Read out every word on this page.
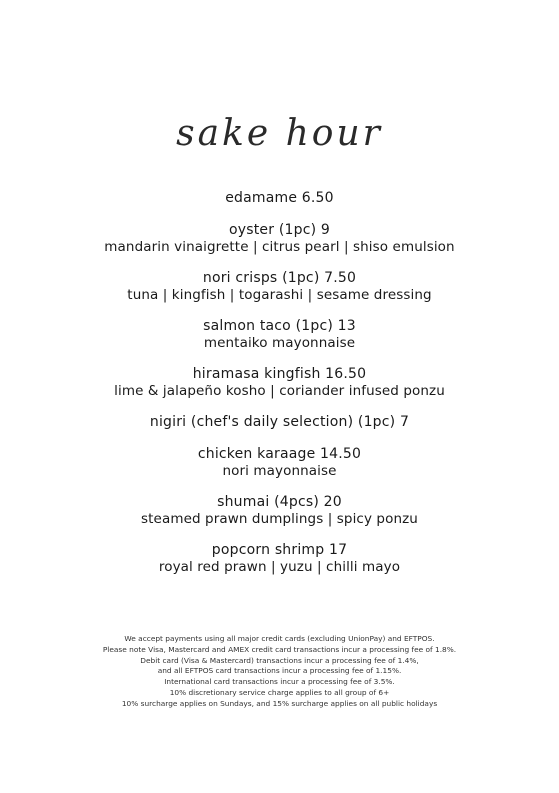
sake hour
edamame 6.50
oyster (1pc) 9
mandarin vinaigrette | citrus pearl | shiso emulsion
nori crisps (1pc) 7.50
tuna | kingfish | togarashi | sesame dressing
salmon taco (1pc) 13
mentaiko mayonnaise
hiramasa kingfish 16.50
lime & jalapeño kosho | coriander infused ponzu
nigiri (chef's daily selection) (1pc) 7
chicken karaage 14.50
nori mayonnaise
shumai (4pcs) 20
steamed prawn dumplings | spicy ponzu
popcorn shrimp 17
royal red prawn | yuzu | chilli mayo
We accept payments using all major credit cards (excluding UnionPay) and EFTPOS.
Please note Visa, Mastercard and AMEX credit card transactions incur a processing fee of 1.8%.
Debit card (Visa & Mastercard) transactions incur a processing fee of 1.4%,
and all EFTPOS card transactions incur a processing fee of 1.15%.
International card transactions incur a processing fee of 3.5%.
10% discretionary service charge applies to all group of 6+
10% surcharge applies on Sundays, and 15% surcharge applies on all public holidays
